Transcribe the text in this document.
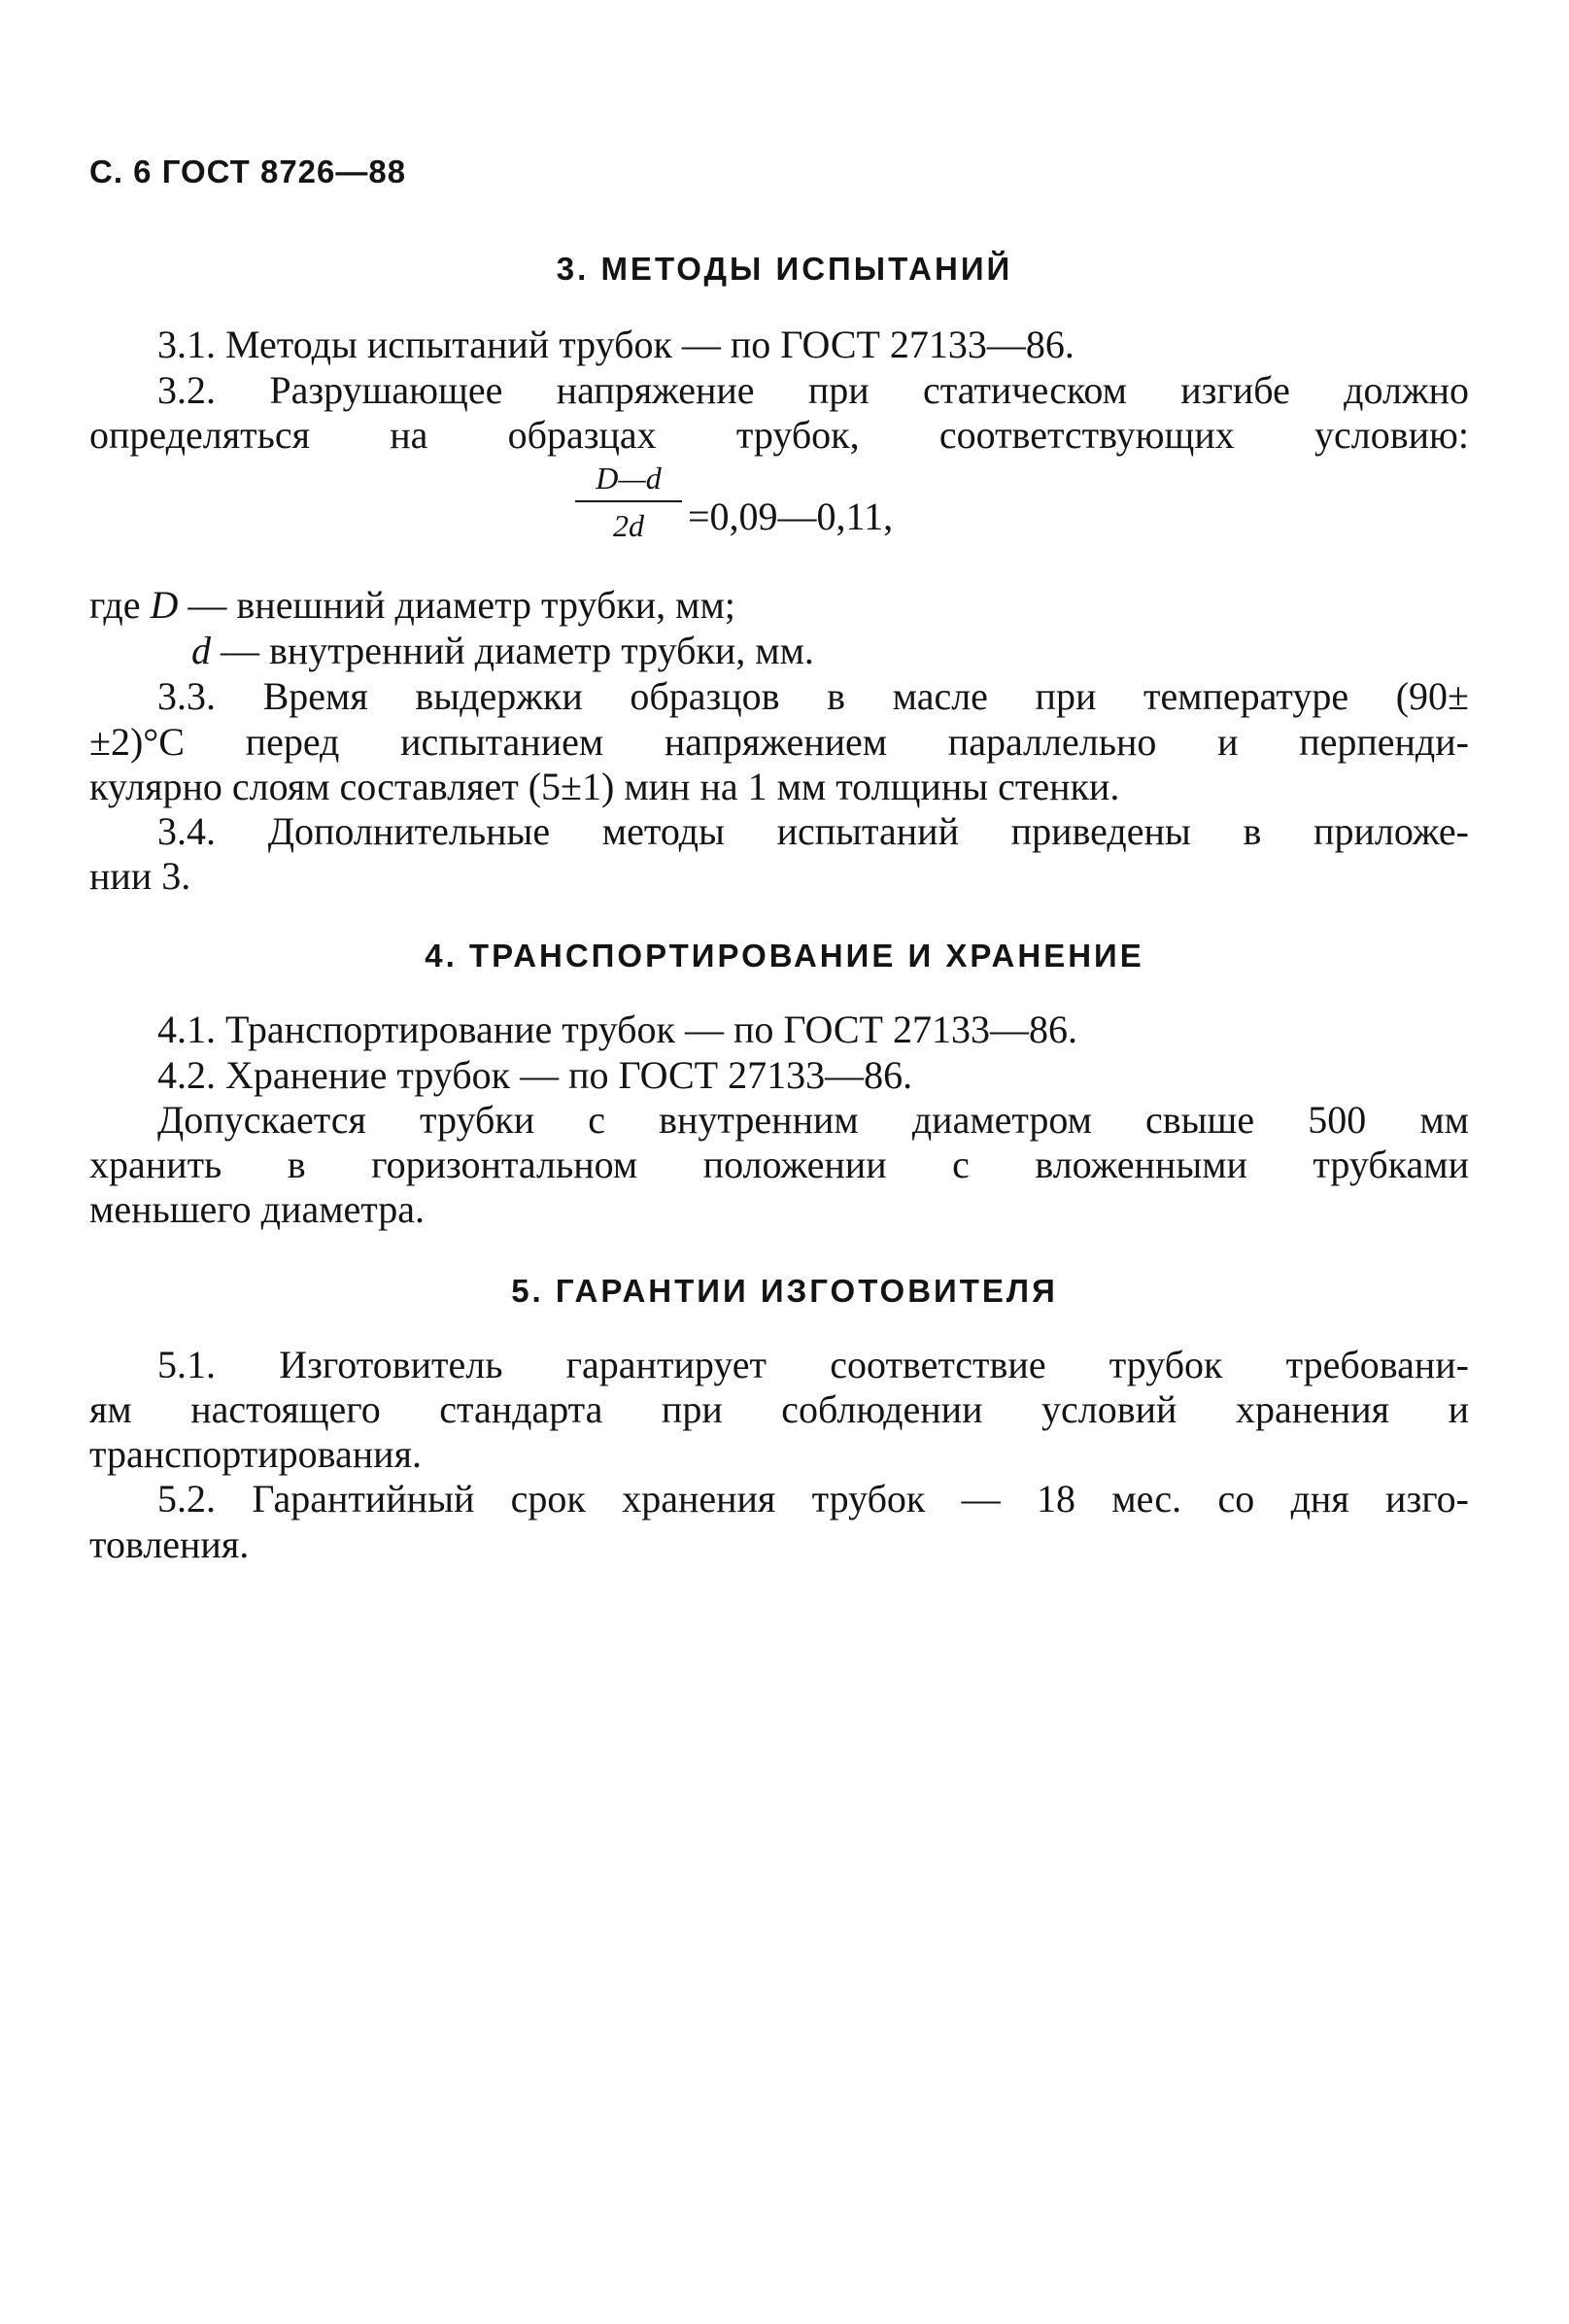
С. 6 ГОСТ 8726—88
3. МЕТОДЫ ИСПЫТАНИЙ
3.1. Методы испытаний трубок — по ГОСТ 27133—86.
3.2. Разрушающее напряжение при статическом изгибе должно
определяться на образцах трубок, соответствующих условию:
$\frac{D—d}{2d}$ =0,09—0,11,
где D — внешний диаметр трубки, мм;
d — внутренний диаметр трубки, мм.
3.3. Время выдержки образцов в масле при температуре (90±
±2)°С перед испытанием напряжением параллельно и перпенди-
кулярно слоям составляет (5±1) мин на 1 мм толщины стенки.
3.4. Дополнительные методы испытаний приведены в приложе-
нии 3.
4. ТРАНСПОРТИРОВАНИЕ И ХРАНЕНИЕ
4.1. Транспортирование трубок — по ГОСТ 27133—86.
4.2. Хранение трубок — по ГОСТ 27133—86.
Допускается трубки с внутренним диаметром свыше 500 мм
хранить в горизонтальном положении с вложенными трубками
меньшего диаметра.
5. ГАРАНТИИ ИЗГОТОВИТЕЛЯ
5.1. Изготовитель гарантирует соответствие трубок требовани-
ям настоящего стандарта при соблюдении условий хранения и
транспортирования.
5.2. Гарантийный срок хранения трубок — 18 мес. со дня изго-
товления.
